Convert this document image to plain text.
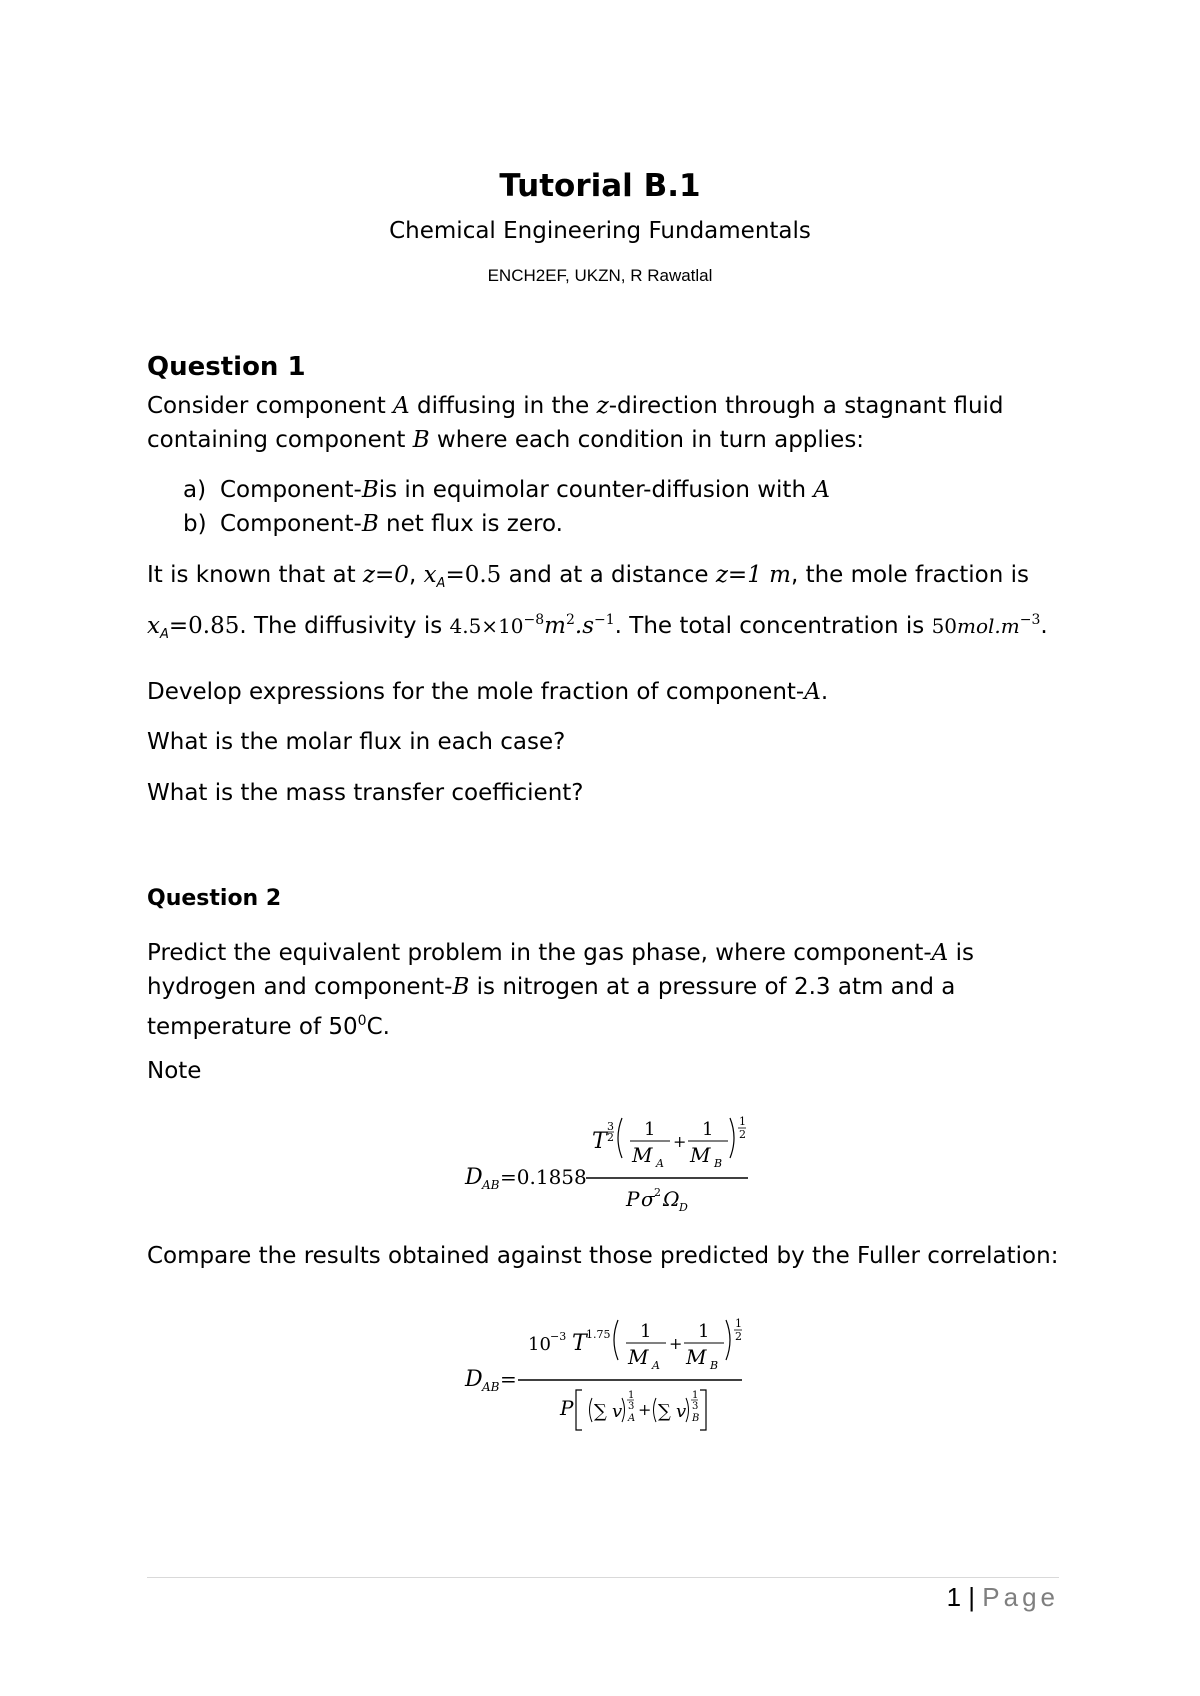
Tutorial B.1
Chemical Engineering Fundamentals
ENCH2EF, UKZN, R Rawatlal
Question 1
Consider component A diffusing in the z-direction through a stagnant fluid containing component B where each condition in turn applies:
a) Component-Bis in equimolar counter-diffusion with A
b) Component-B net flux is zero.
It is known that at z=0, $x_A=0.5$ and at a distance z=1 m, the mole fraction is $x_A=0.85$. The diffusivity is $4.5\times 10^{-8}m^2.s^{-1}$. The total concentration is $50mol.m^{-3}$.
Develop expressions for the mole fraction of component-A.
What is the molar flux in each case?
What is the mass transfer coefficient?
Question 2
Predict the equivalent problem in the gas phase, where component-A is hydrogen and component-B is nitrogen at a pressure of 2.3 atm and a temperature of $50^0C$.
Note
D AB =0.1858
T
3
2 1
M A
+
1
M B
1
2
P σ 2 Ω D
Compare the results obtained against those predicted by the Fuller correlation:
D AB =
10 −3 T 1.75 1
M A
+
1
M B
1
2
P ∑ v
1
3
A + ∑ v
1
3
B
1 | Page
